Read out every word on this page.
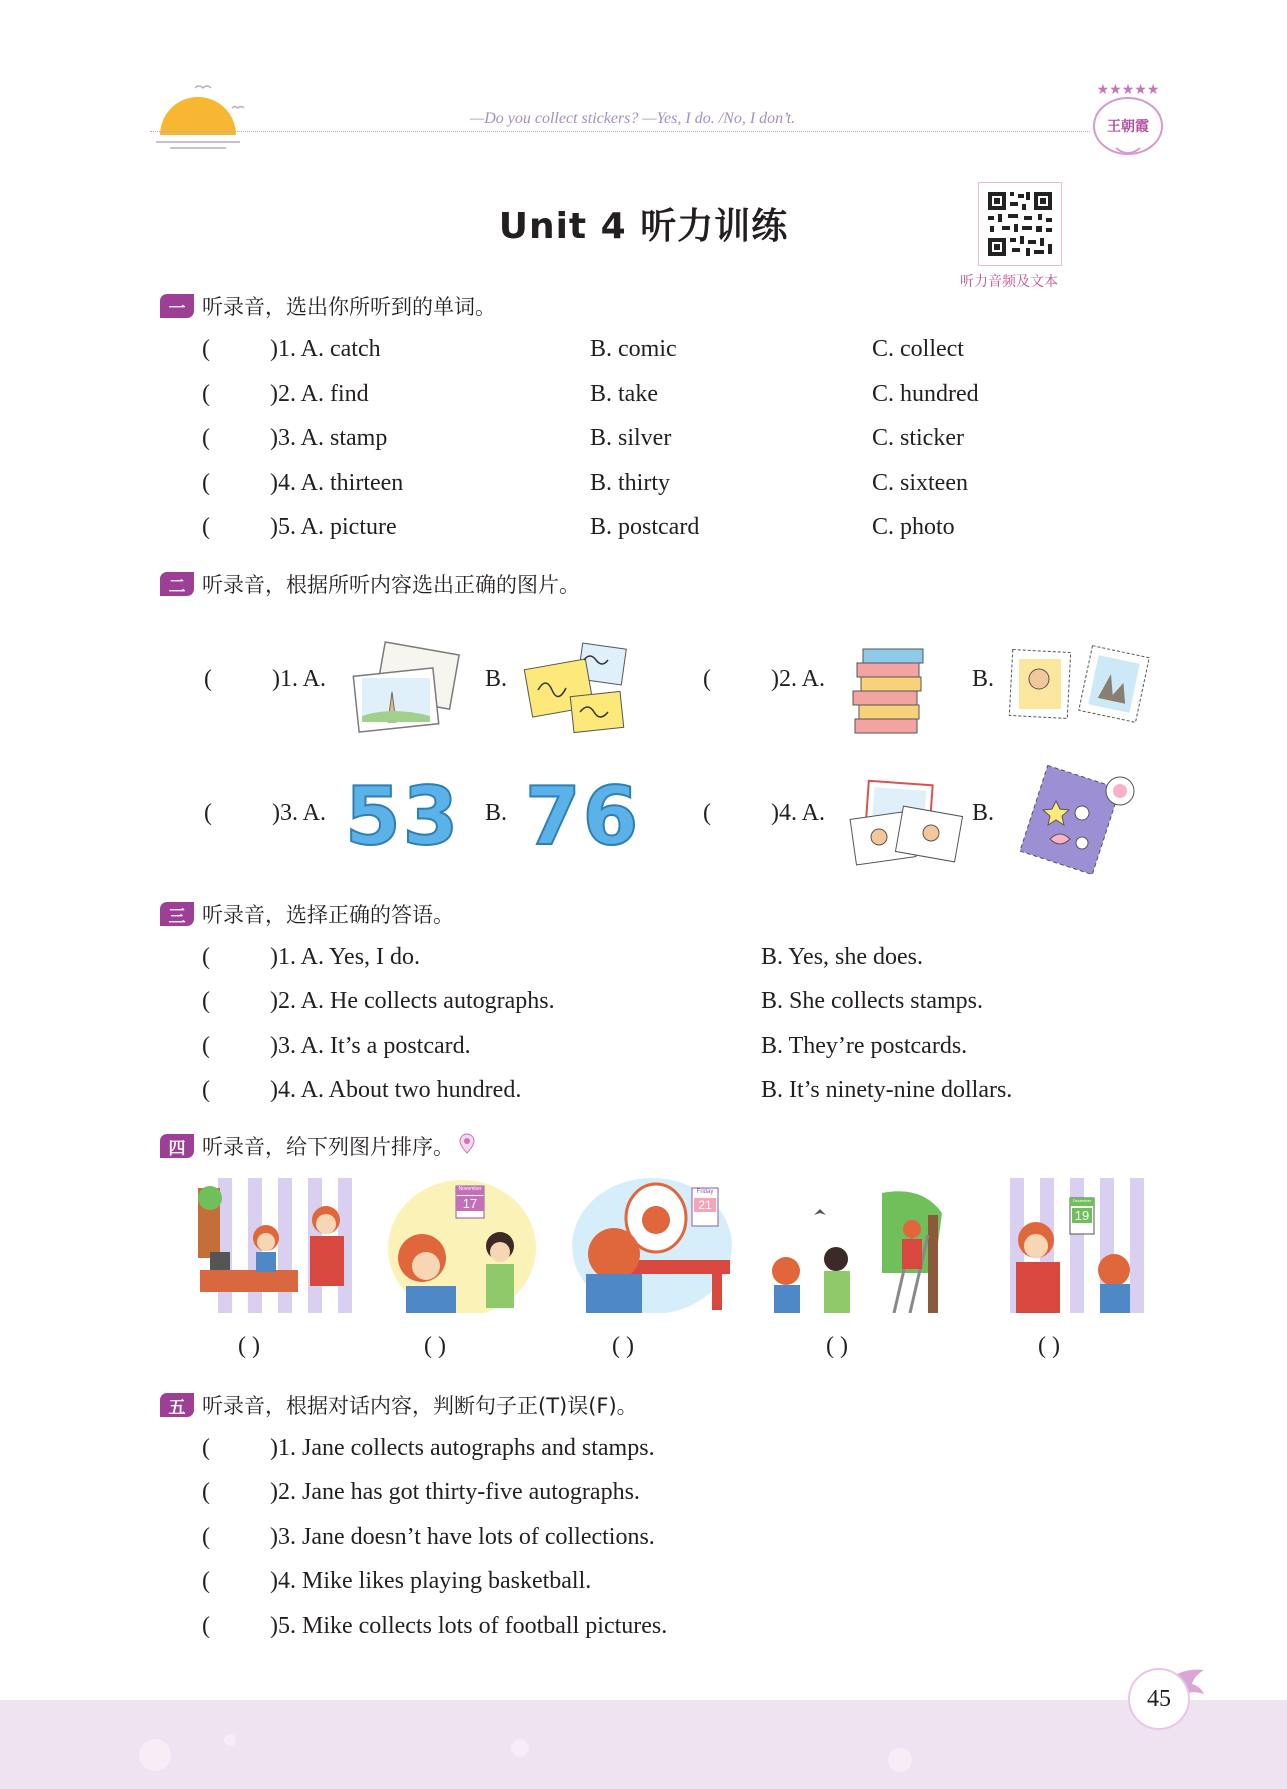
—Do you collect stickers? —Yes, I do. /No, I don’t.
★★★★★
王朝霞
Unit 4 听力训练
听力音频及文本
一 听录音，选出你所听到的单词。
(	)1. A. catch	B. comic	C. collect
(	)2. A. find	B. take	C. hundred
(	)3. A. stamp	B. silver	C. sticker
(	)4. A. thirteen	B. thirty	C. sixteen
(	)5. A. picture	B. postcard	C. photo
二 听录音，根据所听内容选出正确的图片。
(	)1. A.	B.	(	)2. A.	B.
(	)3. A. 53 B. 76	(	)4. A.	B.
三 听录音，选择正确的答语。
(	)1. A. Yes, I do.	B. Yes, she does.
(	)2. A. He collects autographs.	B. She collects stamps.
(	)3. A. It’s a postcard.	B. They’re postcards.
(	)4. A. About two hundred.	B. It’s ninety-nine dollars.
四 听录音，给下列图片排序。
November
17
Friday
21	December
19
( )	( )	( )	( )	( )
五 听录音，根据对话内容，判断句子正(T)误(F)。
(	)1. Jane collects autographs and stamps.
(	)2. Jane has got thirty-five autographs.
(	)3. Jane doesn’t have lots of collections.
(	)4. Mike likes playing basketball.
(	)5. Mike collects lots of football pictures.
45
